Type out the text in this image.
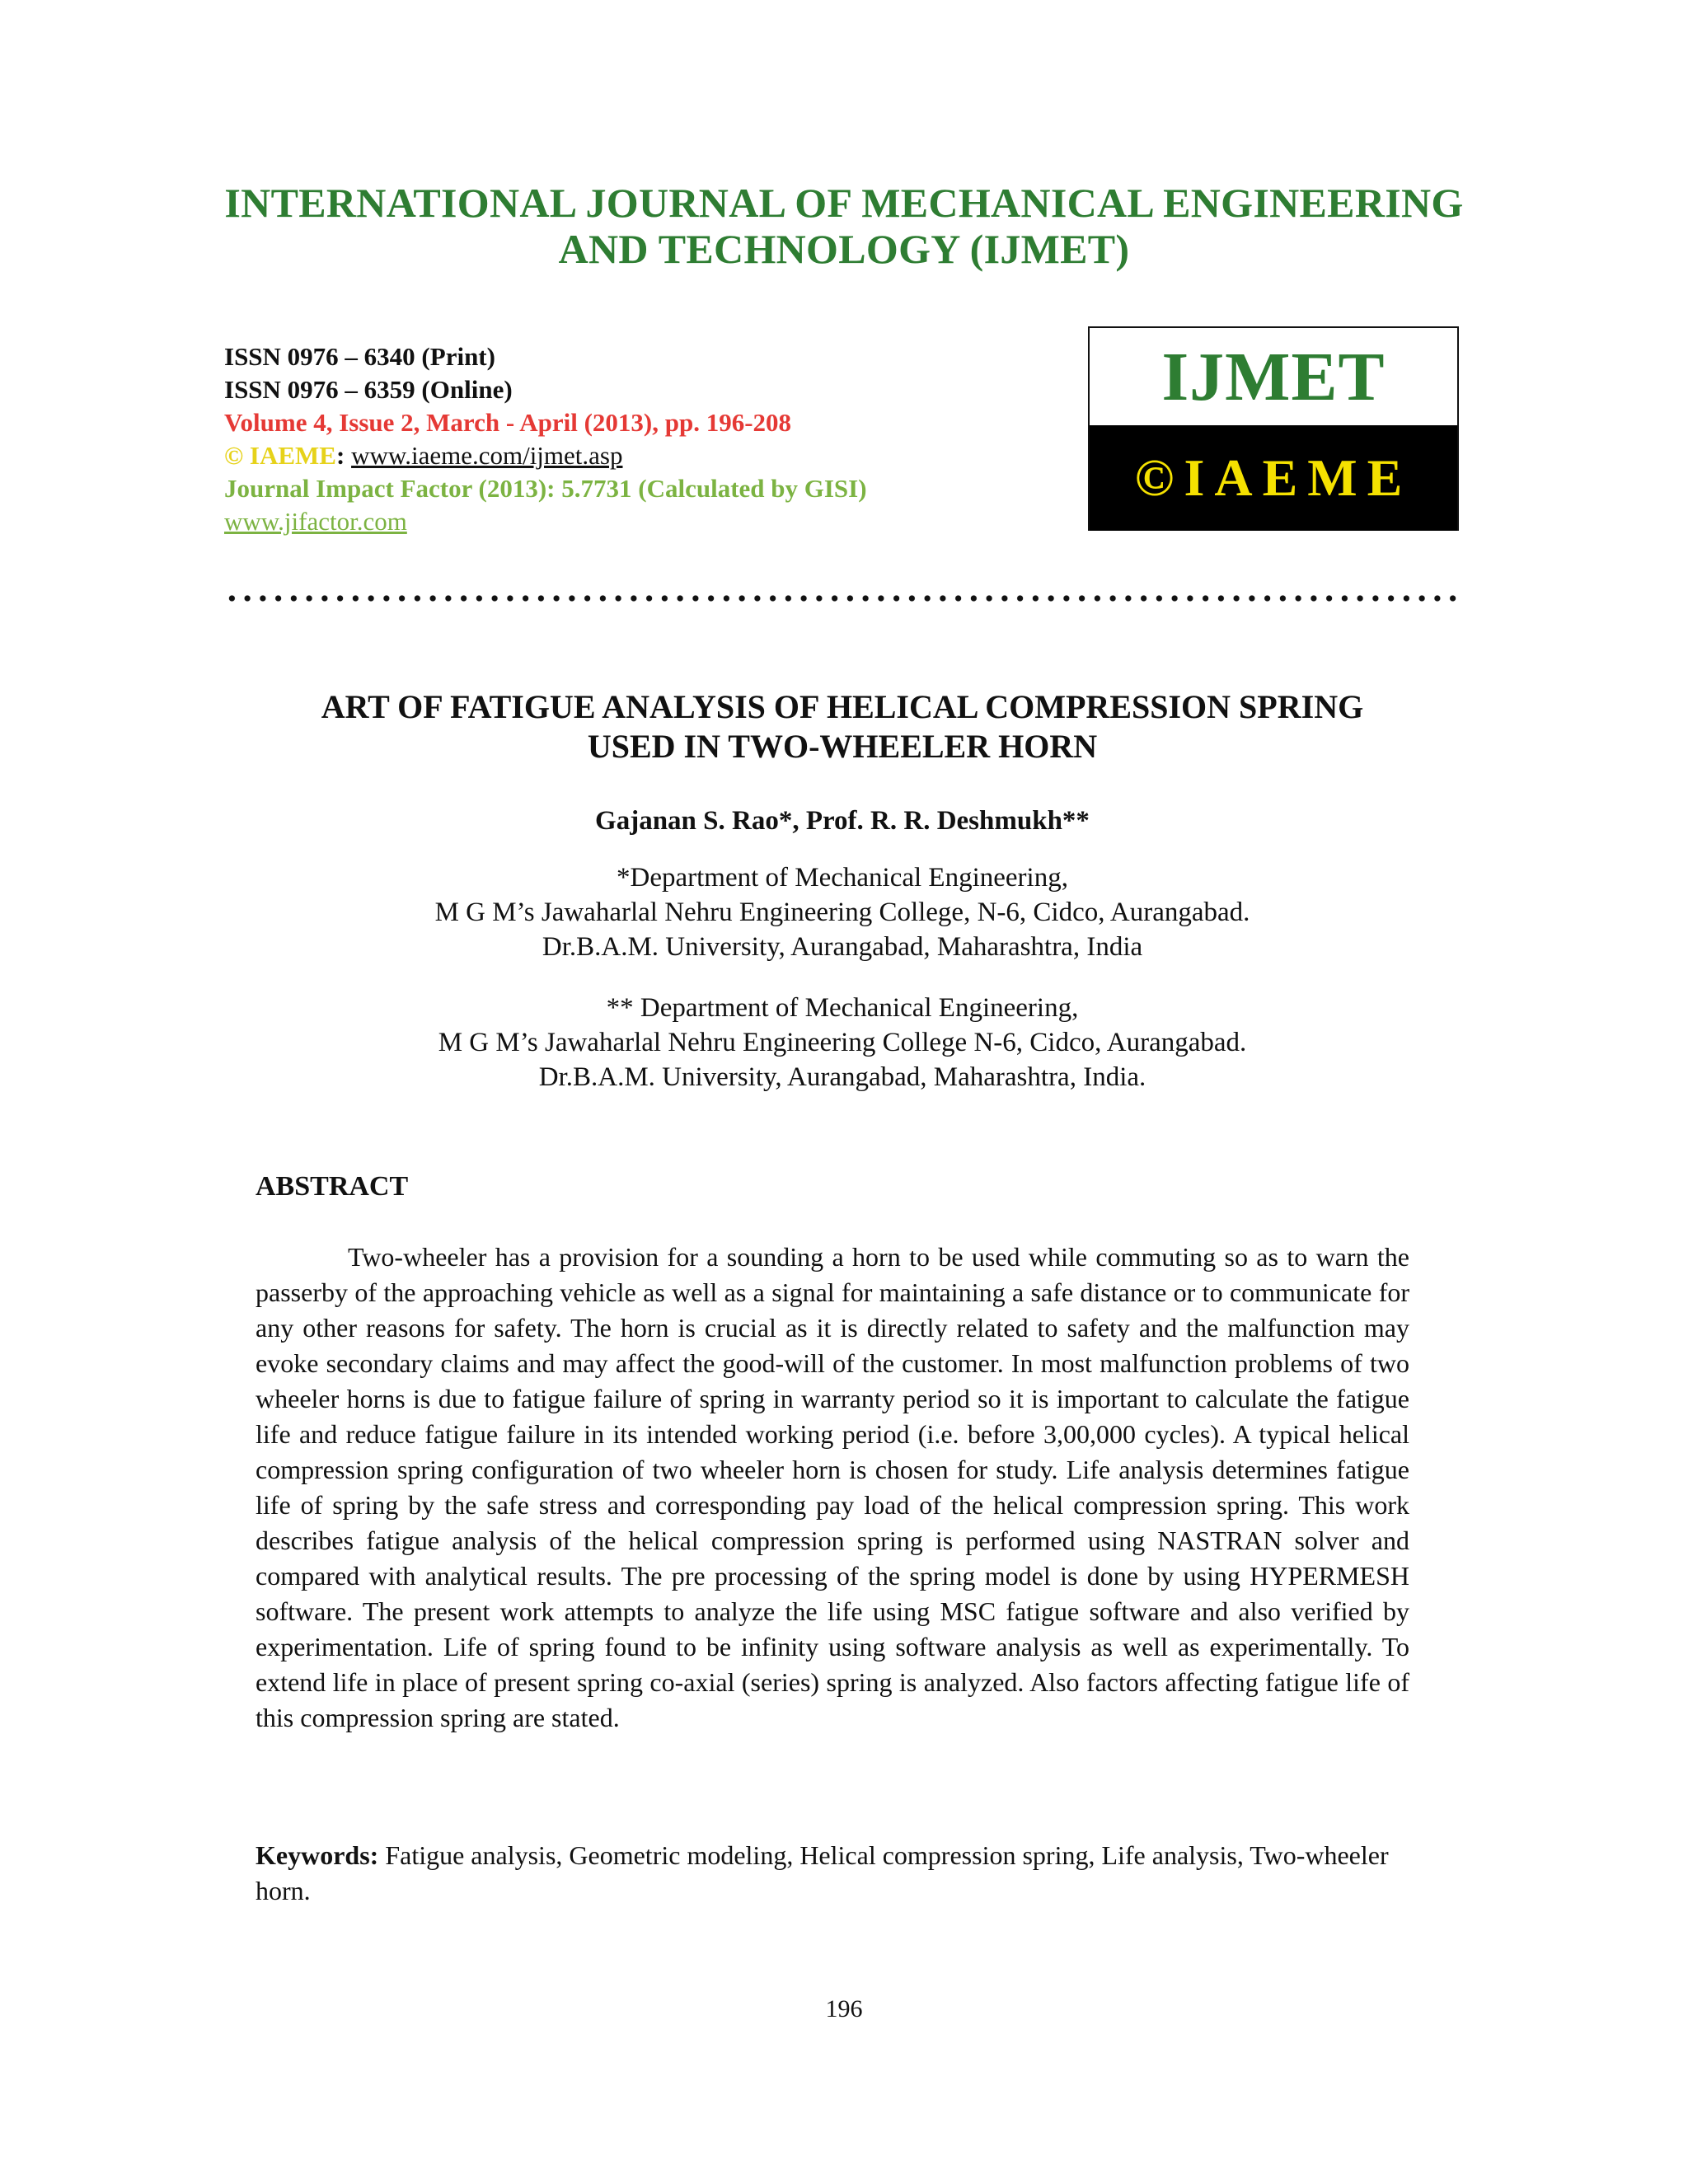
INTERNATIONAL JOURNAL OF MECHANICAL ENGINEERING
AND TECHNOLOGY (IJMET)
ISSN 0976 – 6340 (Print)
ISSN 0976 – 6359 (Online)
Volume 4, Issue 2, March - April (2013), pp. 196-208
© IAEME: www.iaeme.com/ijmet.asp
Journal Impact Factor (2013): 5.7731 (Calculated by GISI)
www.jifactor.com
IJMET
©IAEME
ART OF FATIGUE ANALYSIS OF HELICAL COMPRESSION SPRING
USED IN TWO-WHEELER HORN
Gajanan S. Rao*, Prof. R. R. Deshmukh**
*Department of Mechanical Engineering,
M G M’s Jawaharlal Nehru Engineering College, N-6, Cidco, Aurangabad.
Dr.B.A.M. University, Aurangabad, Maharashtra, India
** Department of Mechanical Engineering,
M G M’s Jawaharlal Nehru Engineering College N-6, Cidco, Aurangabad.
Dr.B.A.M. University, Aurangabad, Maharashtra, India.
ABSTRACT

Two-wheeler has a provision for a sounding a horn to be used while commuting so as to warn the passerby of the approaching vehicle as well as a signal for maintaining a safe distance or to communicate for any other reasons for safety. The horn is crucial as it is directly related to safety and the malfunction may evoke secondary claims and may affect the good-will of the customer. In most malfunction problems of two wheeler horns is due to fatigue failure of spring in warranty period so it is important to calculate the fatigue life and reduce fatigue failure in its intended working period (i.e. before 3,00,000 cycles). A typical helical compression spring configuration of two wheeler horn is chosen for study. Life analysis determines fatigue life of spring by the safe stress and corresponding pay load of the helical compression spring. This work describes fatigue analysis of the helical compression spring is performed using NASTRAN solver and compared with analytical results. The pre processing of the spring model is done by using HYPERMESH software. The present work attempts to analyze the life using MSC fatigue software and also verified by experimentation. Life of spring found to be infinity using software analysis as well as experimentally. To extend life in place of present spring co-axial (series) spring is analyzed. Also factors affecting fatigue life of this compression spring are stated.

Keywords: Fatigue analysis, Geometric modeling, Helical compression spring, Life analysis, Two-wheeler horn.

196
